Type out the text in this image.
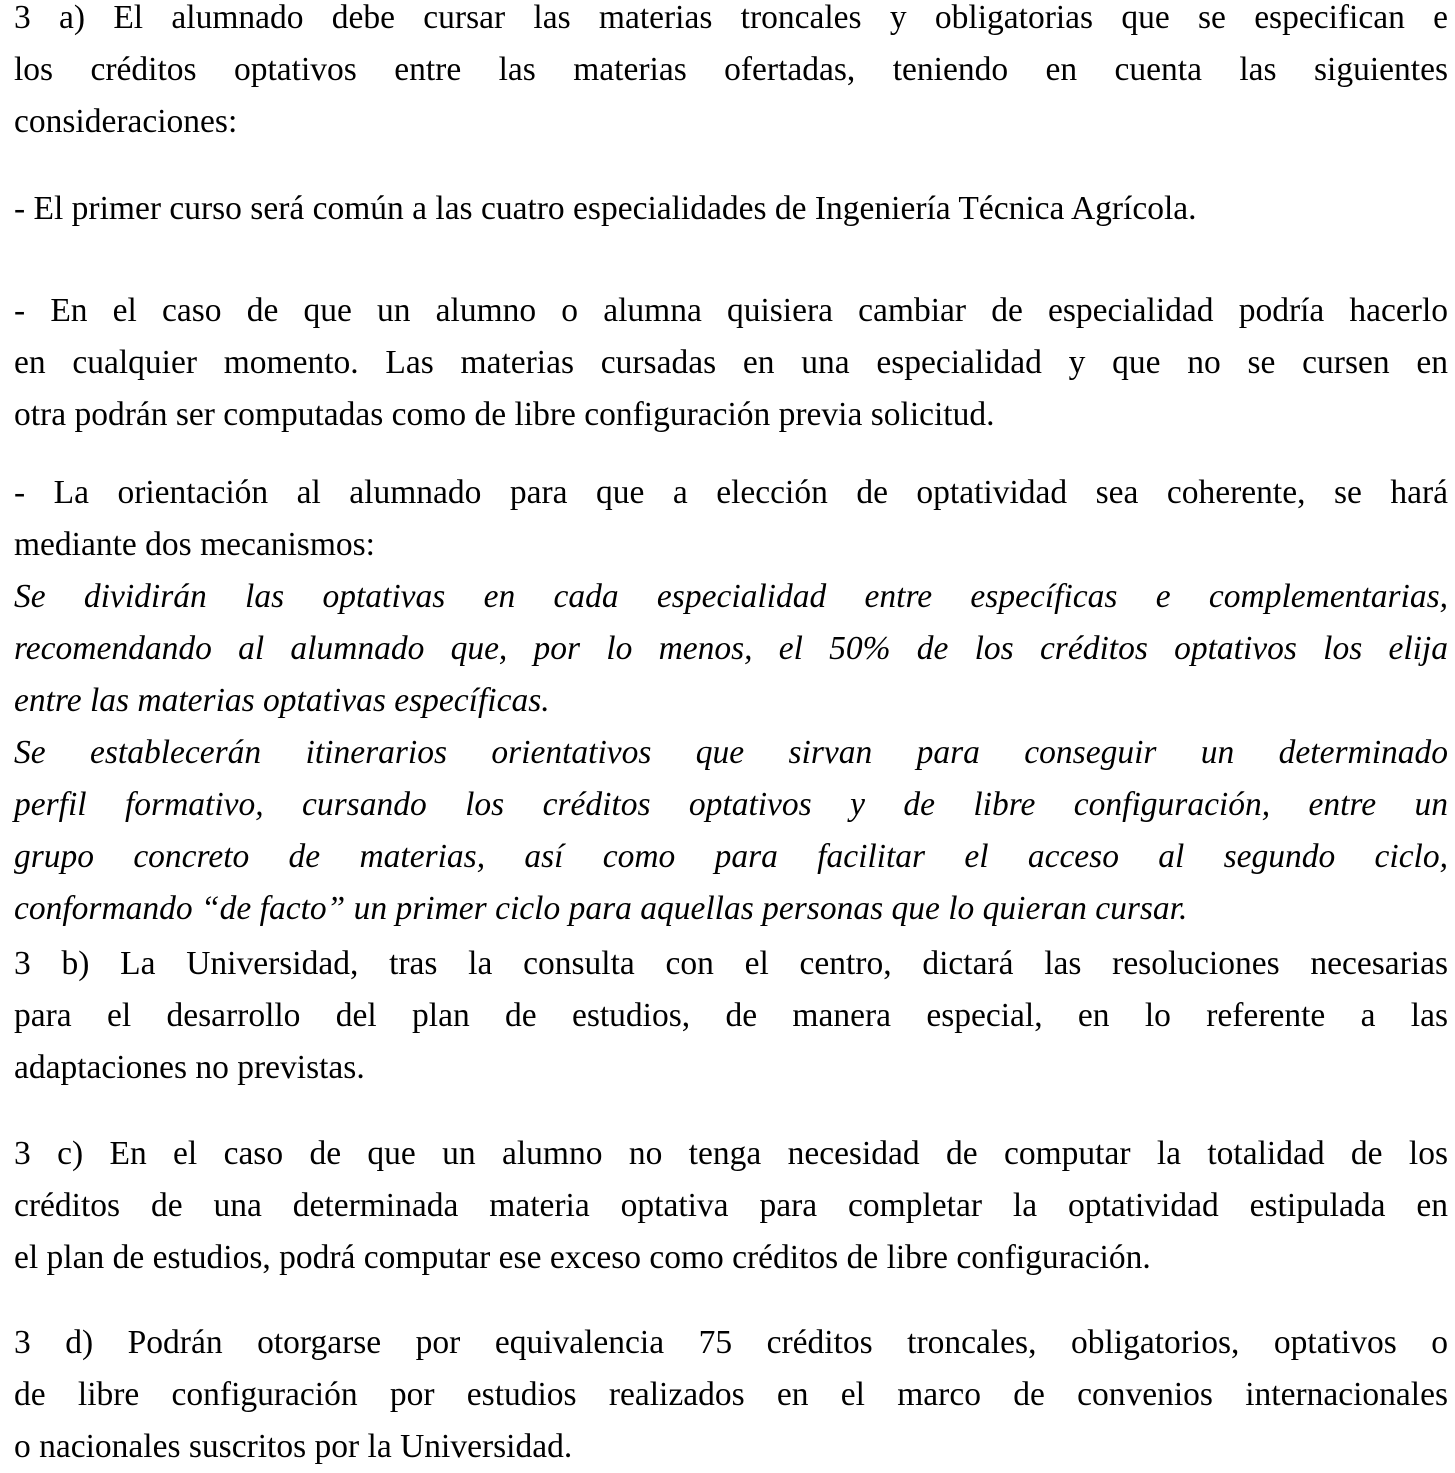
3 a) El alumnado debe cursar las materias troncales y obligatorias que se especifican e
los créditos optativos entre las materias ofertadas, teniendo en cuenta las siguientes
consideraciones:
- El primer curso será común a las cuatro especialidades de Ingeniería Técnica Agrícola.
- En el caso de que un alumno o alumna quisiera cambiar de especialidad podría hacerlo
en cualquier momento. Las materias cursadas en una especialidad y que no se cursen en
otra podrán ser computadas como de libre configuración previa solicitud.
- La orientación al alumnado para que a elección de optatividad sea coherente, se hará
mediante dos mecanismos:
Se dividirán las optativas en cada especialidad entre específicas e complementarias,
recomendando al alumnado que, por lo menos, el 50% de los créditos optativos los elija
entre las materias optativas específicas.
Se establecerán itinerarios orientativos que sirvan para conseguir un determinado
perfil formativo, cursando los créditos optativos y de libre configuración, entre un
grupo concreto de materias, así como para facilitar el acceso al segundo ciclo,
conformando “de facto” un primer ciclo para aquellas personas que lo quieran cursar.
3 b) La Universidad, tras la consulta con el centro, dictará las resoluciones necesarias
para el desarrollo del plan de estudios, de manera especial, en lo referente a las
adaptaciones no previstas.
3 c) En el caso de que un alumno no tenga necesidad de computar la totalidad de los
créditos de una determinada materia optativa para completar la optatividad estipulada en
el plan de estudios, podrá computar ese exceso como créditos de libre configuración.
3 d) Podrán otorgarse por equivalencia 75 créditos troncales, obligatorios, optativos o
de libre configuración por estudios realizados en el marco de convenios internacionales
o nacionales suscritos por la Universidad.
